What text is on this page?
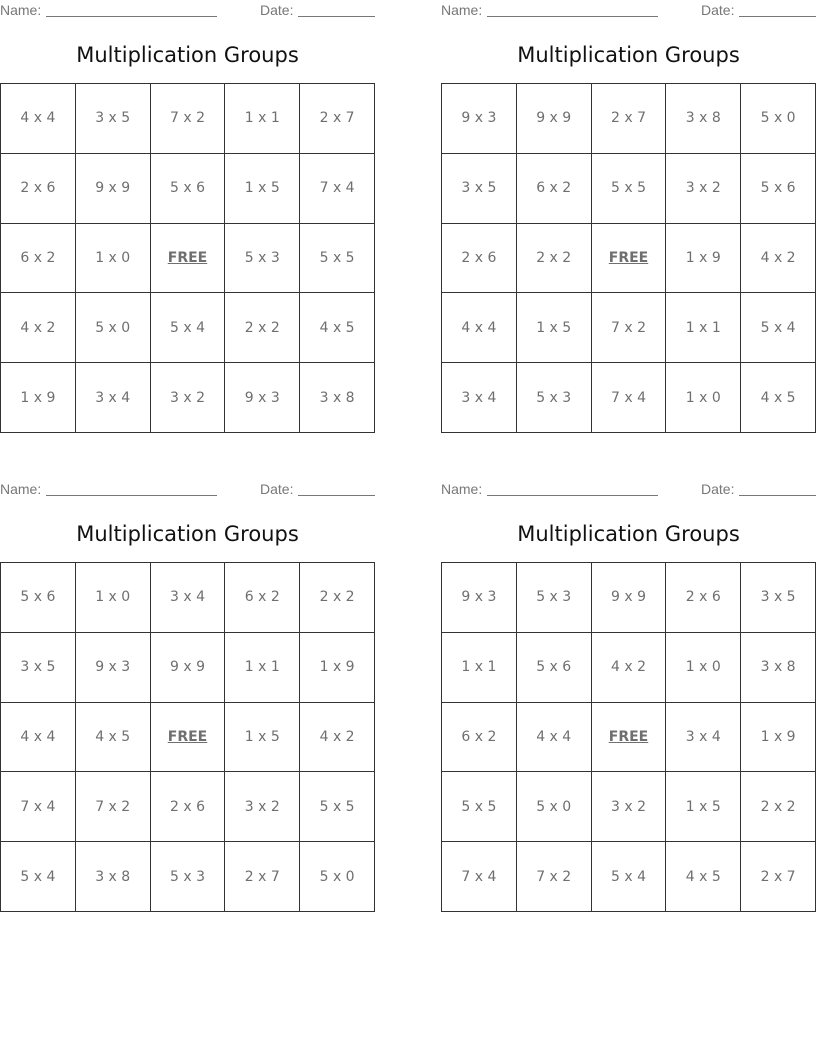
Name:	Date:
Multiplication Groups
4 x 4	3 x 5	7 x 2	1 x 1	2 x 7
2 x 6	9 x 9	5 x 6	1 x 5	7 x 4
6 x 2	1 x 0	FREE	5 x 3	5 x 5
4 x 2	5 x 0	5 x 4	2 x 2	4 x 5
1 x 9	3 x 4	3 x 2	9 x 3	3 x 8
Name:	Date:
Multiplication Groups
9 x 3	9 x 9	2 x 7	3 x 8	5 x 0
3 x 5	6 x 2	5 x 5	3 x 2	5 x 6
2 x 6	2 x 2	FREE	1 x 9	4 x 2
4 x 4	1 x 5	7 x 2	1 x 1	5 x 4
3 x 4	5 x 3	7 x 4	1 x 0	4 x 5
Name:	Date:
Multiplication Groups
5 x 6	1 x 0	3 x 4	6 x 2	2 x 2
3 x 5	9 x 3	9 x 9	1 x 1	1 x 9
4 x 4	4 x 5	FREE	1 x 5	4 x 2
7 x 4	7 x 2	2 x 6	3 x 2	5 x 5
5 x 4	3 x 8	5 x 3	2 x 7	5 x 0
Name:	Date:
Multiplication Groups
9 x 3	5 x 3	9 x 9	2 x 6	3 x 5
1 x 1	5 x 6	4 x 2	1 x 0	3 x 8
6 x 2	4 x 4	FREE	3 x 4	1 x 9
5 x 5	5 x 0	3 x 2	1 x 5	2 x 2
7 x 4	7 x 2	5 x 4	4 x 5	2 x 7
